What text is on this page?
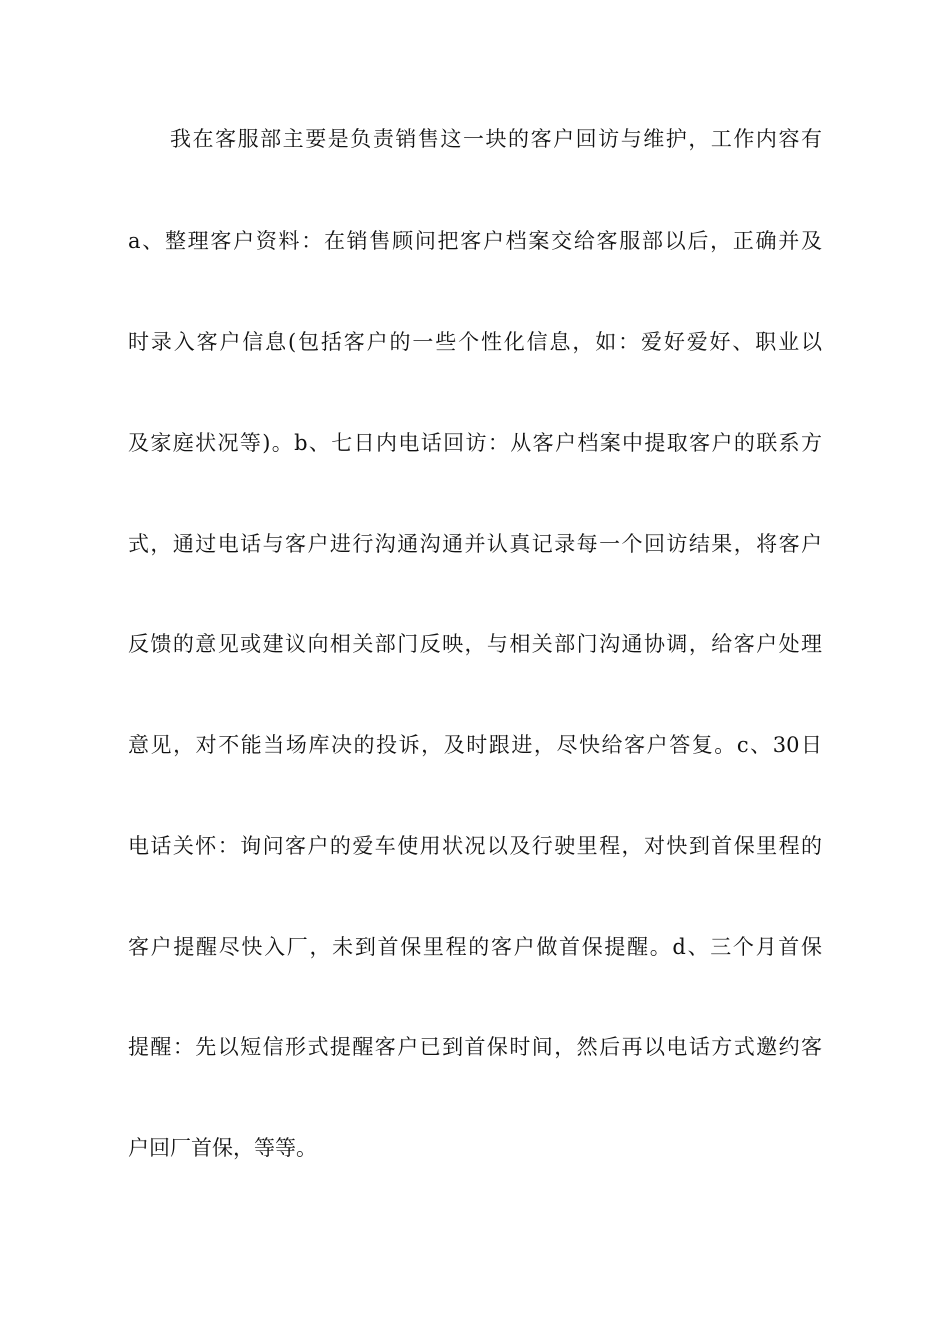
我在客服部主要是负责销售这一块的客户回访与维护，工作内容有
a、整理客户资料：在销售顾问把客户档案交给客服部以后，正确并及
时录入客户信息(包括客户的一些个性化信息，如：爱好爱好、职业以
及家庭状况等)。b、七日内电话回访：从客户档案中提取客户的联系方
式，通过电话与客户进行沟通沟通并认真记录每一个回访结果，将客户
反馈的意见或建议向相关部门反映，与相关部门沟通协调，给客户处理
意见，对不能当场库决的投诉，及时跟进，尽快给客户答复。c、30日
电话关怀：询问客户的爱车使用状况以及行驶里程，对快到首保里程的
客户提醒尽快入厂，未到首保里程的客户做首保提醒。d、三个月首保
提醒：先以短信形式提醒客户已到首保时间，然后再以电话方式邀约客
户回厂首保，等等。
